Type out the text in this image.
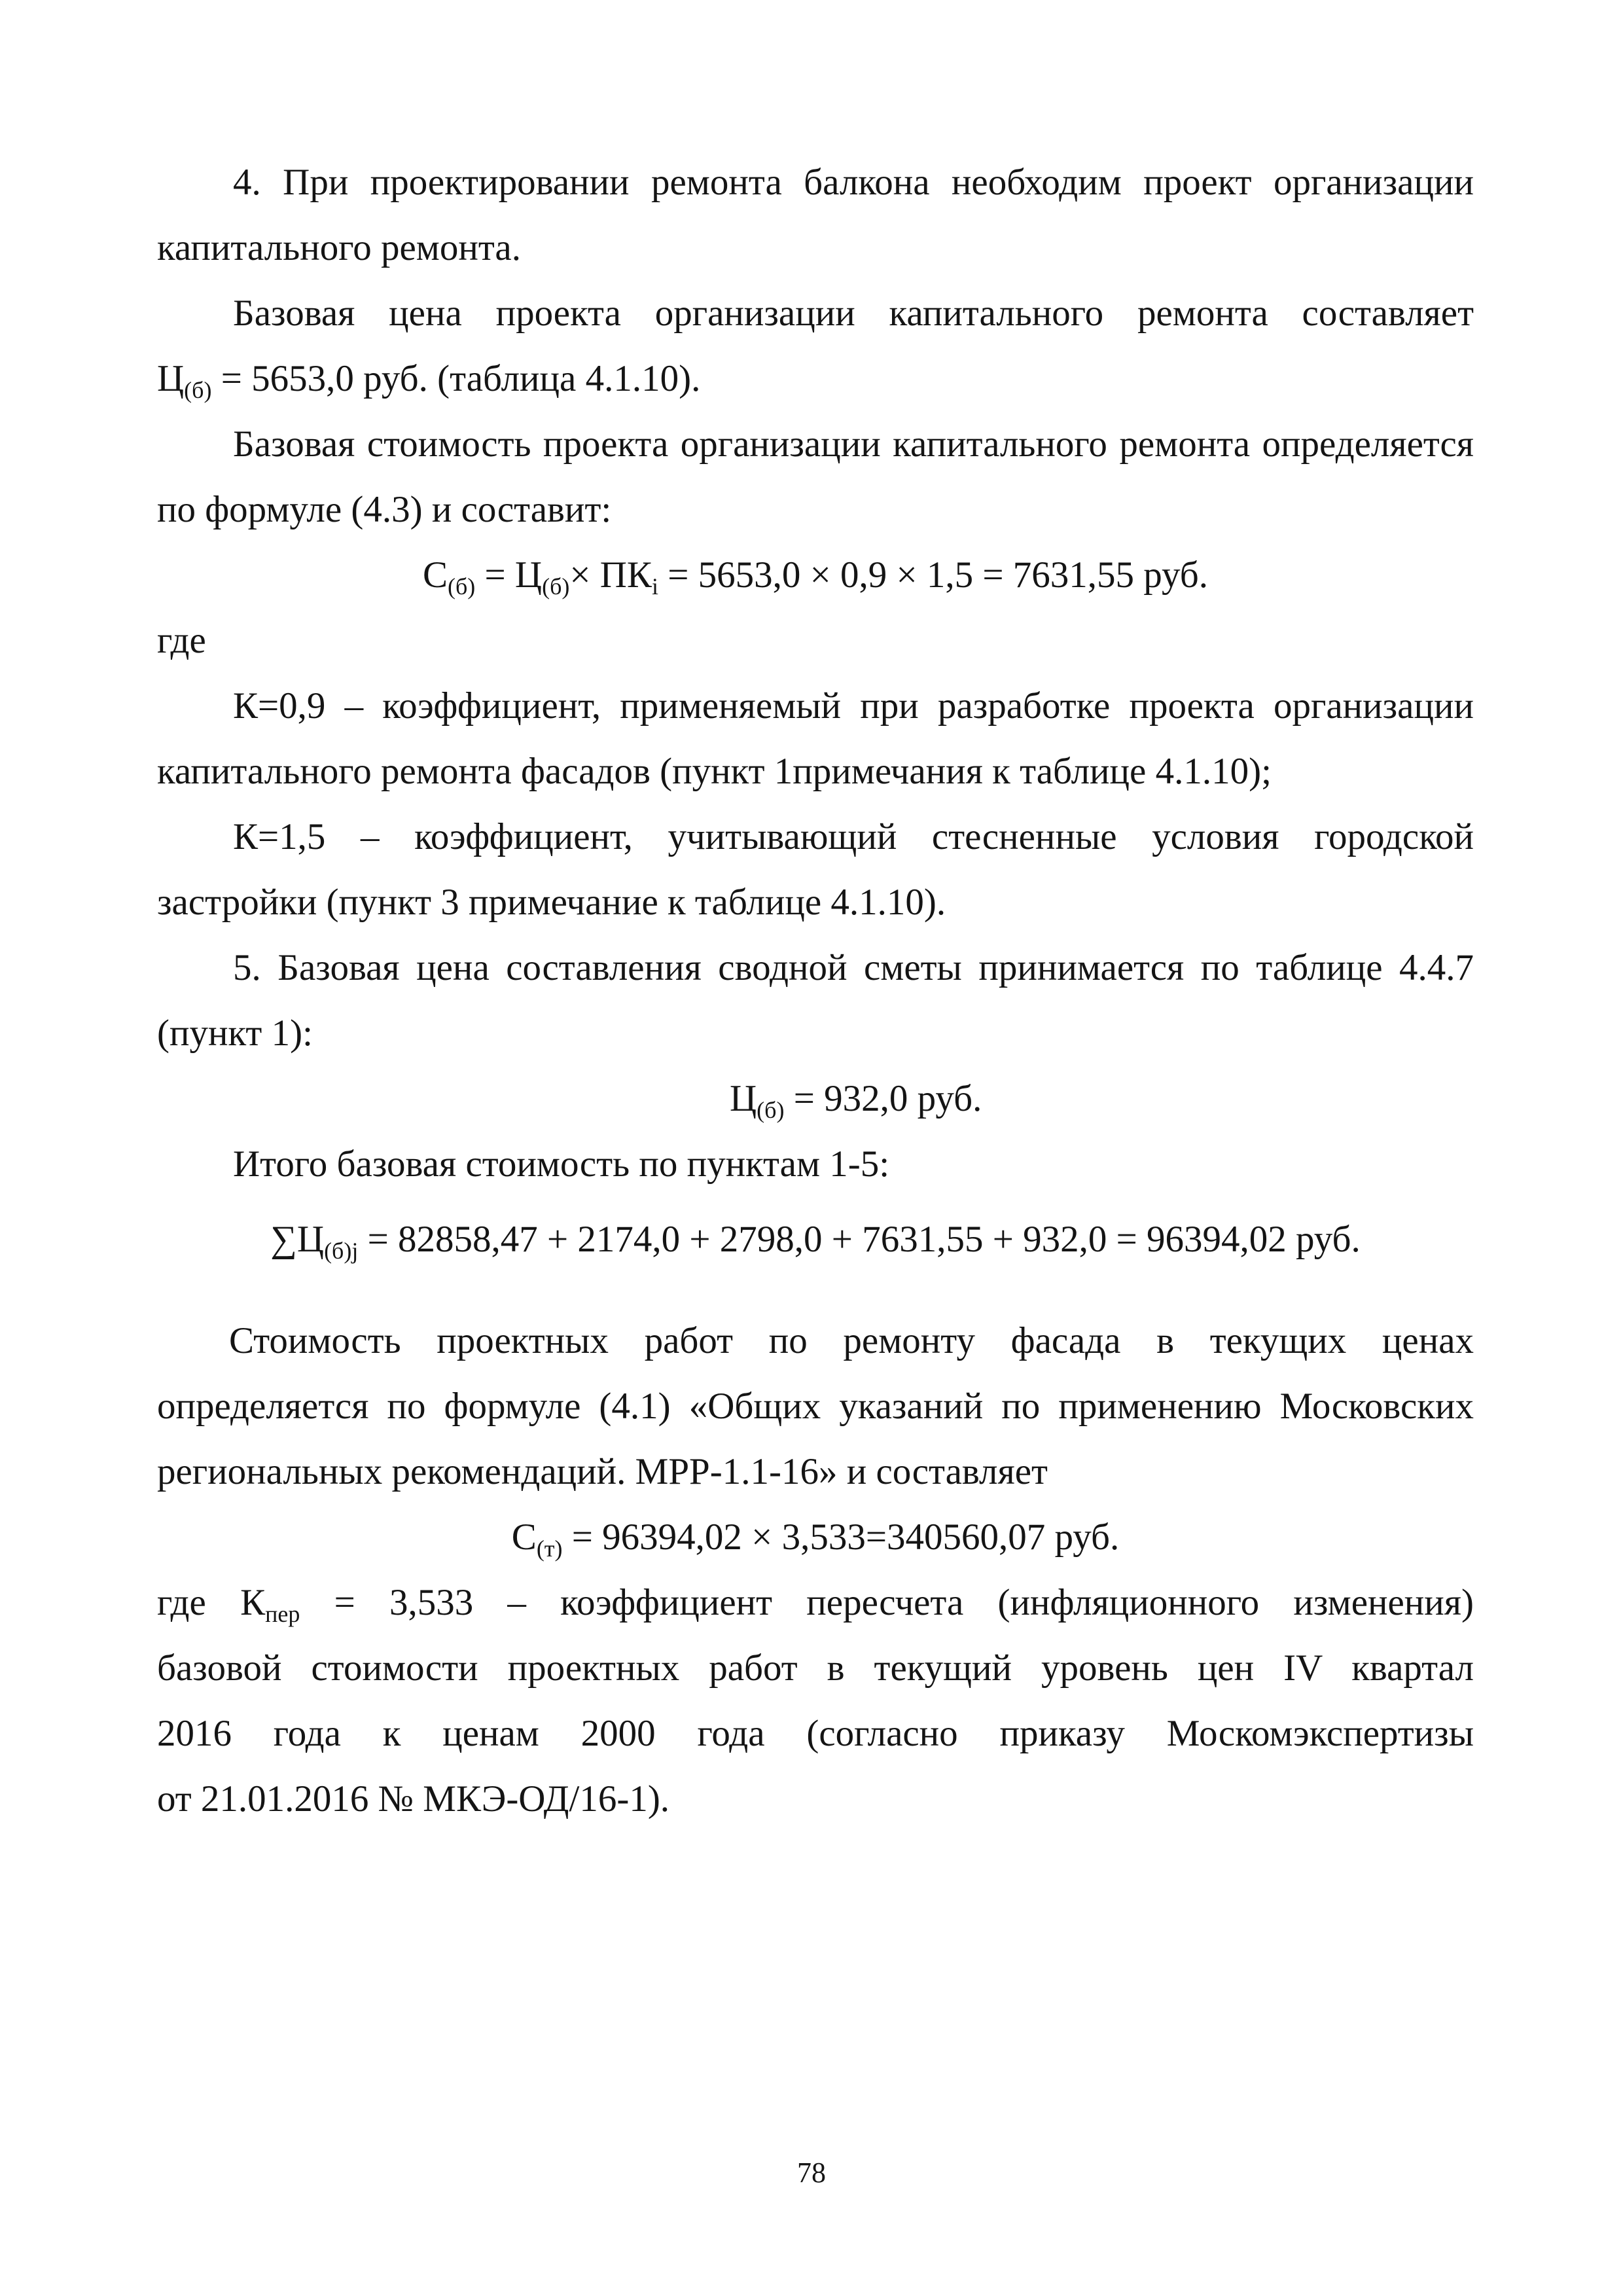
4. При проектировании ремонта балкона необходим проект организации
капитального ремонта.
Базовая цена проекта организации капитального ремонта составляет
$Ц_{(б)} = 5653,0$ руб. (таблица 4.1.10).
Базовая стоимость проекта организации капитального ремонта определяется
по формуле (4.3) и составит:
$С_{(б)} = Ц_{(б)}\times ПК_i = 5653,0 \times 0,9 \times 1,5 = 7631,55$ руб.
где
К=0,9 – коэффициент, применяемый при разработке проекта организации
капитального ремонта фасадов (пункт 1примечания к таблице 4.1.10);
К=1,5 – коэффициент, учитывающий стесненные условия городской
застройки (пункт 3 примечание к таблице 4.1.10).
5. Базовая цена составления сводной сметы принимается по таблице 4.4.7
(пункт 1):
$Ц_{(б)} = 932,0$ руб.
Итого базовая стоимость по пунктам 1-5:
$\sum Ц_{(б)j} = 82858,47 + 2174,0 + 2798,0 + 7631,55 + 932,0 = 96394,02$ руб.
Стоимость проектных работ по ремонту фасада в текущих ценах
определяется по формуле (4.1) «Общих указаний по применению Московских
региональных рекомендаций. МРР-1.1-16» и составляет
$С_{(т)} = 96394,02 \times 3,533=340560,07$ руб.
где $К_{пер} = 3,533$ – коэффициент пересчета (инфляционного изменения)
базовой стоимости проектных работ в текущий уровень цен IV квартал
2016 года к ценам 2000 года (согласно приказу Москомэкспертизы
от 21.01.2016 № МКЭ-ОД/16-1).
78
